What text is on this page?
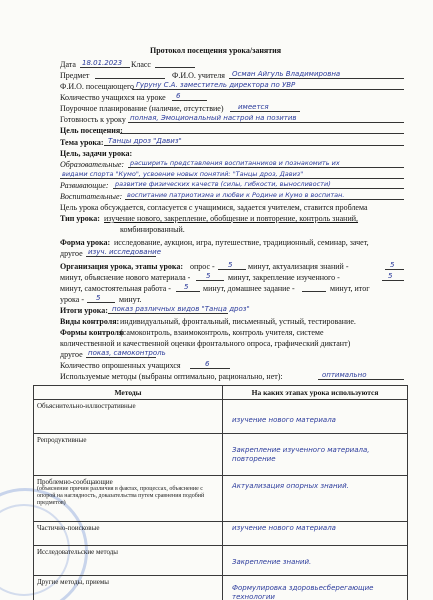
Протокол посещения урока/занятия
Дата 18.01.2023 Класс
Предмет	Ф.И.О. учителя Осман Айгуль Владимировна
Ф.И.О. посещающего Гуруну С.А. заместитель директора по УВР
Количество учащихся на уроке 6
Поурочное планирование (наличие, отсутствие) имеется
Готовность к уроку полная, Эмоциональный настрой на позитив
Цель посещения:
Тема урока: Танцы дроз "Давиз"
Цель, задачи урока:
Образовательные: расширить представления воспитанников и познакомить их
видами спорта "Кумо", усвоение новых понятий: "Танцы дроз, Давиз"
Развивающие: развитие физических качеств (силы, гибкости, выносливости)
Воспитательные: воспитание патриотизма и любви к Родине и Кумо в воспитан.
Цель урока обсуждается, согласуется с учащимися, задается учителем, ставится проблема
Тип урока: изучение нового, закрепление, обобщение и повторение, контроль знаний,
комбинированный.
Форма урока: исследование, аукцион, игра, путешествие, традиционный, семинар, зачет,
другое изуч. исследование
Организация урока, этапы урока: опрос - 5 минут, актуализация знаний -	5
минут, объяснение нового материала - 5 минут, закрепление изученного -	5
минут, самостоятельная работа - 5 минут, домашнее задание -	минут, итог
урока - 5 минут.
Итоги урока: показ различных видов "Танца дроз"
Виды контроля: индивидуальный, фронтальный, письменный, устный, тестирование.
Формы контроля
(самоконтроль, взаимоконтроль, контроль учителя, системе
количественной и качественной оценки фронтального опроса, графический диктант)
другое показ, самоконтроль
Методы	На каких этапах урока используются

Объяснительно-иллюстративные	изучение нового материала

Репродуктивные	Закрепление изученного материала, повторение

Проблемно-сообщающие
(объяснение причин различия в фактах, процессах, объяснение с опорой на наглядность, доказательства путем сравнения подобий предметов)	Актуализация опорных знаний.

Частично-поисковые	изучение нового материала

Исследовательские методы	Закрепление знаний.

Другие методы, приемы	Формулировка здоровьесберегающие технологии
Количество опрошенных учащихся	6
Используемые методы (выбраны оптимально, рационально, нет):	оптимально
